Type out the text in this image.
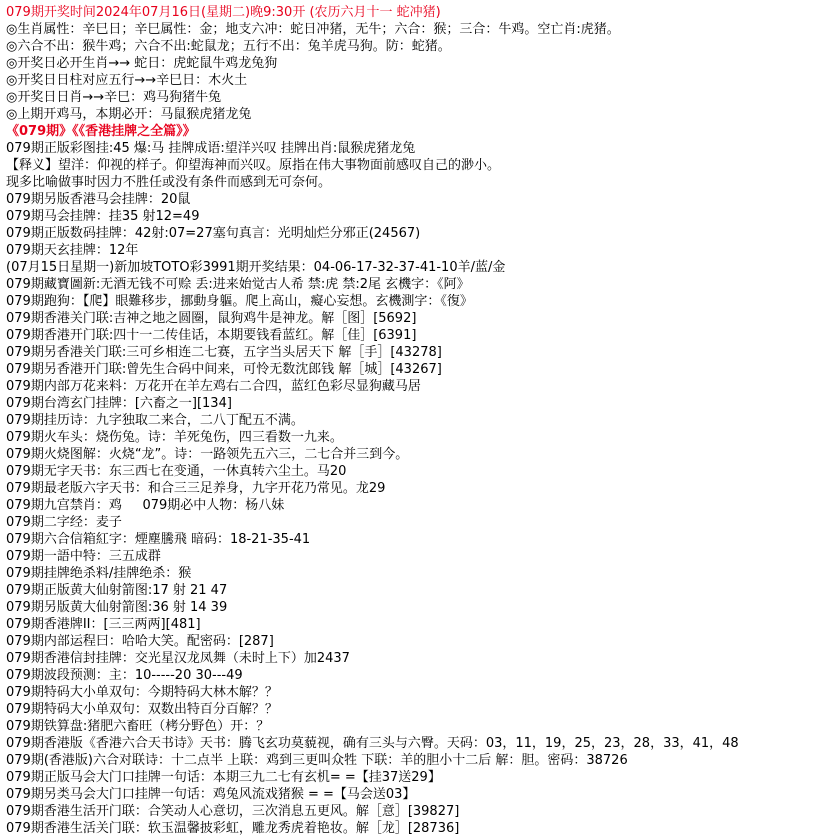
079期开奖时间2024年07月16日(星期二)晚9:30开 (农历六月十一 蛇冲猪)
◎生肖属性：辛巳日；辛巳属性：金；地支六冲：蛇日冲猪，无牛；六合：猴；三合：牛鸡。空亡肖:虎猪。
◎六合不出：猴牛鸡；六合不出:蛇鼠龙；五行不出：兔羊虎马狗。防：蛇猪。
◎开奖日必开生肖→→ 蛇日：虎蛇鼠牛鸡龙兔狗
◎开奖日日柱对应五行→→辛巳日：木火土
◎开奖日日肖→→辛巳：鸡马狗猪牛兔
◎上期开鸡马，本期必开：马鼠猴虎猪龙兔
《079期》《《香港挂牌之全篇》》
079期正版彩图挂:45 爆:马 挂牌成语:望洋兴叹 挂牌出肖:鼠猴虎猪龙兔
【释义】望洋：仰视的样子。仰望海神而兴叹。原指在伟大事物面前感叹自己的渺小。
现多比喻做事时因力不胜任或没有条件而感到无可奈何。
079期另版香港马会挂牌：20鼠
079期马会挂牌：挂35 射12=49
079期正版数码挂牌：42射:07=27塞句真言：光明灿烂分邪正(24567)
079期天玄挂牌：12年
(07月15日星期一)新加坡TOTO彩3991期开奖结果：04-06-17-32-37-41-10羊/蓝/金
079期藏寶圖新:无酒无钱不可赊 丢:进来始觉古人希 禁:虎 禁:2尾 玄機字：《阿》
079期跑狗：【爬】眼難移步，挪動身軀。爬上高山，癡心妄想。玄機測字：《復》
079期香港关门联:吉神之地之圆圈，鼠狗鸡牛是神龙。解［图］[5692]
079期香港开门联:四十一二传佳话，本期要钱看蓝红。解［佳］[6391]
079期另香港关门联:三可乡相连二七赛，五字当头居天下 解［手］[43278]
079期另香港开门联:曾先生合码中间来，可怜无数沈郎钱 解［城］[43267]
079期内部万花来料：万花开在羊左鸡右二合四，蓝红色彩尽显狗藏马居
079期台湾玄门挂牌：[六畜之一][134]
079期挂历诗：九字独取二来合，二八丁配五不满。
079期火车头：烧伤兔。诗：羊死兔伤，四三看数一九来。
079期火烧图解：火烧“龙”。诗：一路领先五六三，二七合并三到今。
079期无字天书：东三西七在变通，一休真转六尘土。马20
079期最老版六字天书：和合三三足养身，九字开花乃常见。龙29
079期九宫禁肖：鸡     079期必中人物：杨八妹
079期二字经：麦子
079期六合信箱紅字：煙塵騰飛 暗码：18-21-35-41
079期一語中特：三五成群
079期挂牌绝杀料/挂牌绝杀：猴
079期正版黄大仙射箭图:17 射 21 47
079期另版黄大仙射箭图:36 射 14 39
079期香港牌II：[三三两两][481]
079期内部运程曰：哈哈大笑。配密码：[287]
079期香港信封挂牌：交光星汉龙凤舞（未时上下）加2437
079期波段预测：主：10-----20 30---49
079期特码大小单双句：今期特码大林木解？？
079期特码大小单双句：双数出特百分百解？？
079期铁算盘:猪肥六畜旺（栲分野色）开：？
079期香港版《香港六合天书诗》天书：腾飞玄功莫藐视，确有三头与六臀。天码：03，11，19，25，23，28，33，41，48
079期(香港版)六合对联诗：十二点半 上联：鸡到三更叫众牲 下联：羊的胆小十二后 解：胆。密码：38726
079期正版马会大门口挂牌一句话：本期三九二七有玄机= =【挂37送29】
079期另类马会大门口挂牌一句话：鸡兔风流戏猪猴 = =【马会送03】
079期香港生活开门联：合笑动人心意切，三次消息五更风。解［意］[39827]
079期香港生活关门联：软玉温馨披彩虹，雕龙秀虎着艳妆。解［龙］[28736]
